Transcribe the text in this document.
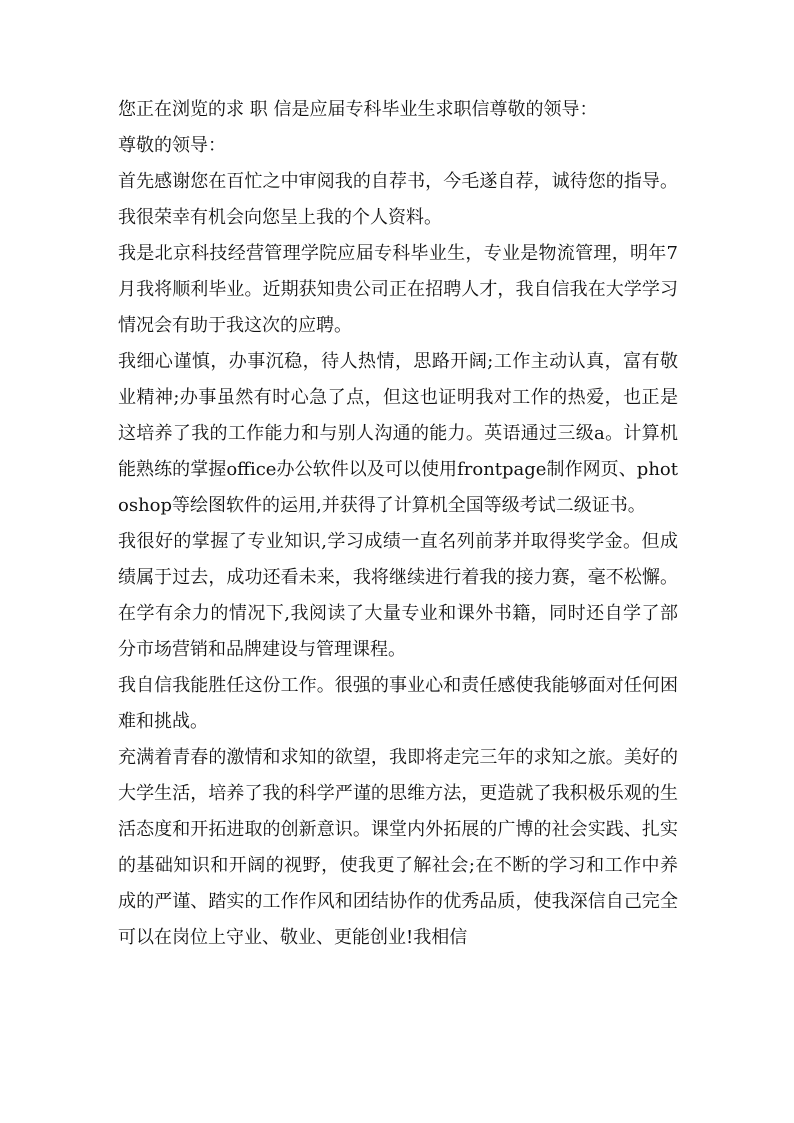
您正在浏览的求 职 信是应届专科毕业生求职信尊敬的领导：

尊敬的领导：

首先感谢您在百忙之中审阅我的自荐书，今毛遂自荐，诚待您的指导。我很荣幸有机会向您呈上我的个人资料。

我是北京科技经营管理学院应届专科毕业生，专业是物流管理，明年7月我将顺利毕业。近期获知贵公司正在招聘人才，我自信我在大学学习情况会有助于我这次的应聘。

我细心谨慎，办事沉稳，待人热情，思路开阔;工作主动认真，富有敬业精神;办事虽然有时心急了点，但这也证明我对工作的热爱，也正是这培养了我的工作能力和与别人沟通的能力。英语通过三级a。计算机能熟练的掌握office办公软件以及可以使用frontpage制作网页、photoshop等绘图软件的运用,并获得了计算机全国等级考试二级证书。

我很好的掌握了专业知识,学习成绩一直名列前茅并取得奖学金。但成绩属于过去，成功还看未来，我将继续进行着我的接力赛，毫不松懈。在学有余力的情况下,我阅读了大量专业和课外书籍，同时还自学了部分市场营销和品牌建设与管理课程。

我自信我能胜任这份工作。很强的事业心和责任感使我能够面对任何困难和挑战。

充满着青春的激情和求知的欲望，我即将走完三年的求知之旅。美好的大学生活，培养了我的科学严谨的思维方法，更造就了我积极乐观的生活态度和开拓进取的创新意识。课堂内外拓展的广博的社会实践、扎实的基础知识和开阔的视野，使我更了解社会;在不断的学习和工作中养成的严谨、踏实的工作作风和团结协作的优秀品质，使我深信自己完全可以在岗位上守业、敬业、更能创业!我相信
